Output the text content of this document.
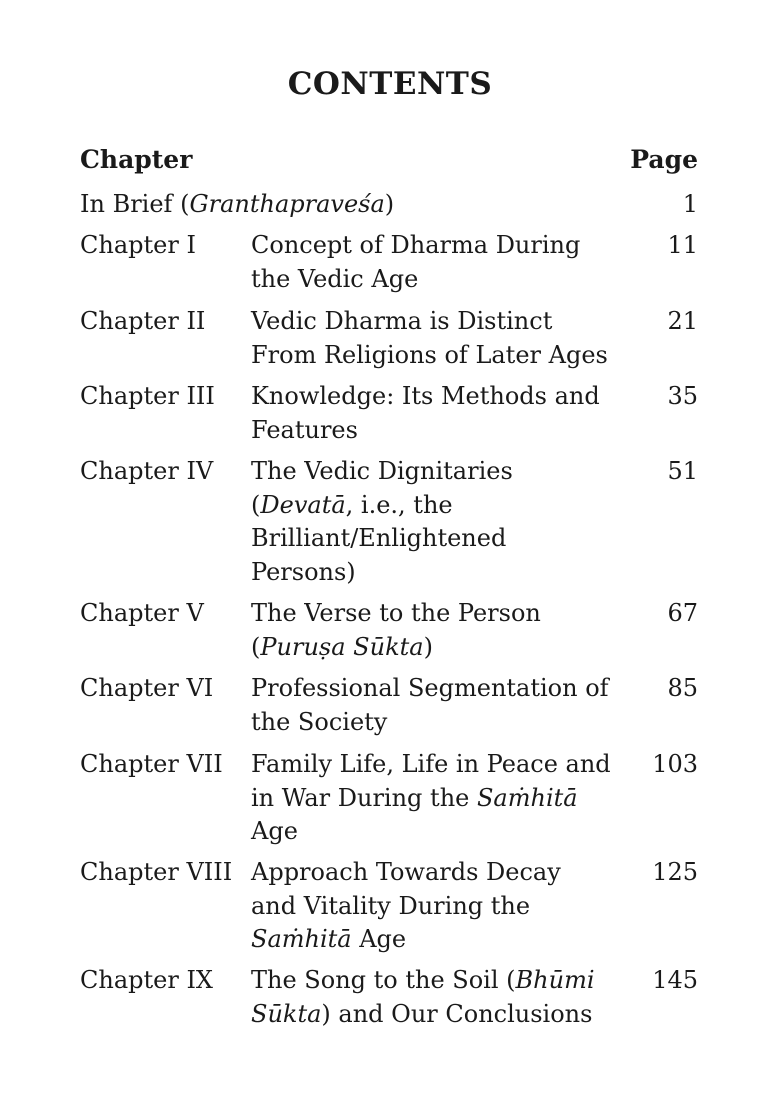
CONTENTS
Chapter	Page
In Brief (Granthapraveśa)	1
Chapter I Concept of Dharma During
the Vedic Age
11
Chapter II Vedic Dharma is Distinct
From Religions of Later Ages
21
Chapter III Knowledge: Its Methods and
Features
35
Chapter IV The Vedic Dignitaries
(Devatā, i.e., the
Brilliant/Enlightened
Persons)
51
Chapter V The Verse to the Person
(Puruṣa Sūkta)
67
Chapter VI Professional Segmentation of
the Society
85
Chapter VII Family Life, Life in Peace and
in War During the Saṁhitā
Age
103
Chapter VIII Approach Towards Decay
and Vitality During the
Saṁhitā Age
125
Chapter IX The Song to the Soil (Bhūmi
Sūkta) and Our Conclusions
145
